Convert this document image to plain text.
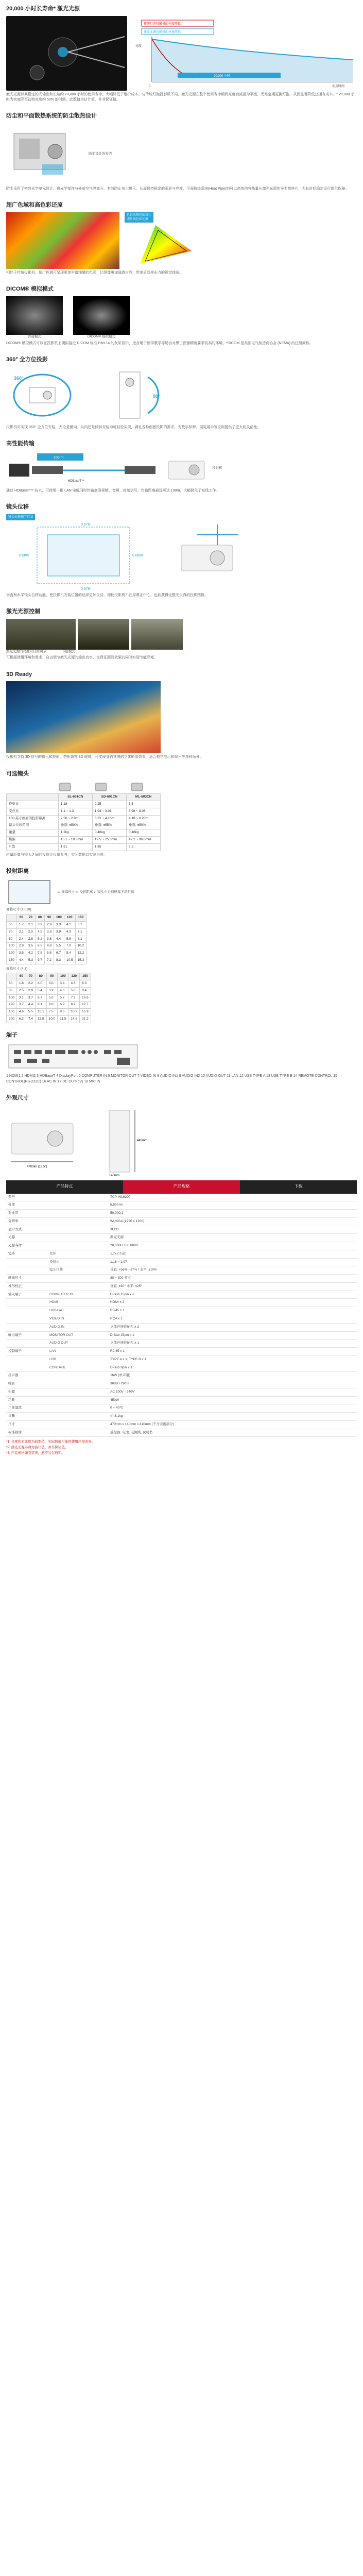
20,000 小时长寿命* 激光光源
传统灯泡投影机的亮度降低
激光光源投影机的亮度降低
亮度
0	使用时间
20,000 小时
激光光源以其稳定的光输出和长达约 20,000 小时的使用寿命，大幅降低了维护成本。与传统灯泡投影机不同，激光光源在整个使用寿命期间亮度衰减更为平缓，无需定期更换灯泡，从而显著降低总拥有成本。* 20,000 小时为亮度降至初始亮度约 50% 的时间，此数值为估计值，并非保证值。
防尘和平面散热系统的防尘散热设计
防尘设计的外壳
防尘采用了密封光学单元设计，将光学部件与外部空气隔离开，有效防止灰尘进入，从而保持稳定的画质与亮度，平面散热系统(Heat Pipe)则可以高效地将热量从激光光源传导至散热片，为长时间稳定运行提供保障。
超广色域和高色彩还原
色彩重现范围对比
照片级色彩还原
相比于传统投影机，超广色域可呈现更加丰富细腻的色彩，让图像更加逼真自然，带来更具冲击力的视觉体验。
DICOM® 模拟模式
普通模式	DICOM® 模拟模式
DICOM® 模拟模式可以在投影机上模拟接近 DICOM 标准 Part 14 的灰阶显示，适合用于医学教学等场合对黑白图像精度要求较高的环境。*DICOM 是美国电气制造商协会 (NEMA) 的注册商标。
360° 全方位投影
360°
90°
投影机可实现 360° 全方位安装，无论是横向、纵向还是倾斜安装均可轻松实现，满足各种创意投影的需求，为数字标牌、展览展示等应用提供了更大的灵活性。
高性能传输
100 m
HDBaseT™
投影机
通过 HDBaseT™ 技术，可使用一根 LAN 电缆同时传输高清视频、音频、控制信号，传输距离最远可达 100m，大幅简化了布线工作。
镜头位移
镜头位移调节范围
0.57H
0.57H
0.08W	0.08W
垂直和水平镜头位移功能，使投影机安装位置的选择更加灵活，即使投影机不在屏幕正中心，也能获得完整无失真的投影图像。
激光光源控制
激光光源的亮度可自由调节	节能模式
可根据使用环境和需求，自由调节激光光源的输出功率，在保证画面效果的同时实现节能降耗。
3D Ready
投影机支持 3D 信号的输入和投影，搭配兼容 3D 眼镜，可实现身临其境的立体影像效果，适合教学展示和娱乐等多种场景。
可选镜头
	SL-601CN	SD-601CN	ML-603CN
投射比	1.18	2.25	5.5
变焦比	1.1 ~ 1.3	1.94 ~ 3.01	3.98 ~ 8.06
100 英寸画面的投影距离	2.56 ~ 2.9m	3.22 ~ 4.16m	4.18 ~ 8.20m
镜头位移范围	垂直: ±50%	垂直: ±55%	垂直: ±50%
重量	1.2kg	0.46kg	0.46kg
焦距	15.1 ~ 19.8mm	19.5 ~ 25.3mm	47.2 ~ 96.8mm
F 值	1.61	1.85	2.2
所量距离与镜头之间的投射比仅供参考，实际数据以实测为准。
投射距离
a: 屏幕尺寸 b: 投影距离 c: 镜头中心到屏幕下沿距离
屏幕尺寸 (16:10)
	60	70	80	90	100	120	150
60	1.7	2.1	3.9	2.9	3.3	4.2	6.1
70	2.1	2.5	4.5	3.3	3.9	4.9	7.1
80	2.4	2.8	5.2	3.8	4.4	5.6	8.1
100	2.9	3.5	6.5	4.8	5.5	7.0	10.2
120	3.5	4.2	7.8	5.8	6.7	8.4	12.2
150	4.4	5.3	9.7	7.2	8.3	10.5	15.3
屏幕尺寸 (4:3)
	60	70	80	90	100	120	150
60	1.8	2.2	4.0	3.0	3.4	4.3	6.3
80	2.5	2.9	5.4	3.9	4.6	5.8	8.4
100	3.1	3.7	6.7	5.0	5.7	7.3	10.6
120	3.7	4.4	8.1	6.0	6.9	8.7	12.7
150	4.6	5.5	10.1	7.5	8.6	10.9	15.9
200	6.2	7.4	13.5	10.0	11.5	14.6	21.2
端子
1 HDMI1 2 HDMI2 3 HDBaseT 4 DisplayPort 5 COMPUTER IN 6 MONITOR OUT 7 VIDEO IN 8 AUDIO IN1 9 AUDIO IN2 10 AUDIO OUT 11 LAN 12 USB TYPE A 13 USB TYPE B 14 REMOTE CONTROL 15 CONTROL(RS-232C) 16 AC IN 17 DC OUT(5V) 18 MIC IN
外观尺寸
470mm (18.5")
445mm
140mm
产品特点	产品规格	下载
型号		TCP-WL6200
亮度		5,800 lm
对比度		50,000:1
分辨率		WUXGA (1920 x 1200)
显示方式		3LCD
光源		激光光源
光源寿命		20,000H / 30,000H
镜头	变焦	1.7x (手动)
	投射比	1.16 ~ 1.97
	镜头位移	垂直: +56%, -17% / 水平: ±10%
画面尺寸		30 ~ 300 英寸
梯形校正		垂直: ±30° 水平: ±25°
输入端子	COMPUTER IN	D-Sub 15pin x 1
	HDMI	HDMI x 2
	HDBaseT	RJ-45 x 1
	VIDEO IN	RCA x 1
	AUDIO IN	立体声迷你插孔 x 2
输出端子	MONITOR OUT	D-Sub 15pin x 1
	AUDIO OUT	立体声迷你插孔 x 1
控制端子	LAN	RJ-45 x 1
	USB	TYPE A x 1, TYPE B x 1
	CONTROL	D-Sub 9pin x 1
扬声器		16W (单声道)
噪音		36dB / 29dB
电源		AC 100V - 240V
功耗		450W
工作温度		0 ~ 40℃
重量		约 8.1kg
尺寸		470mm x 140mm x 410mm (不含突出部分)
标准附件		遥控器, 电池, 电源线, 说明书
*1: 亮度和对比度为典型值，实际数值可能因使用环境而异。
*2: 激光光源寿命为估计值，并非保证值。
*3: 产品规格如有变更，恕不另行通知。
